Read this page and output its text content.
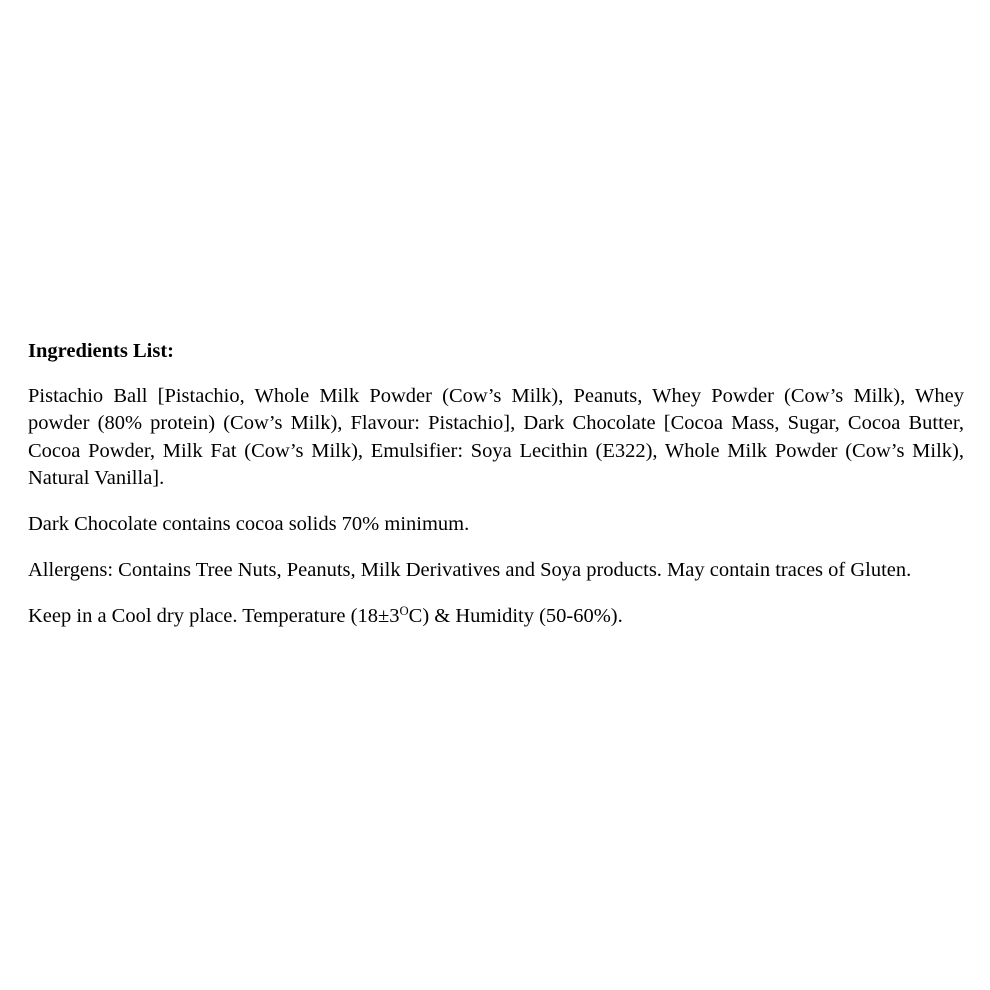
Ingredients List:
Pistachio Ball [Pistachio, Whole Milk Powder (Cow’s Milk), Peanuts, Whey Powder (Cow’s Milk), Whey powder (80% protein) (Cow’s Milk), Flavour: Pistachio], Dark Chocolate [Cocoa Mass, Sugar, Cocoa Butter, Cocoa Powder, Milk Fat (Cow’s Milk), Emulsifier: Soya Lecithin (E322), Whole Milk Powder (Cow’s Milk), Natural Vanilla].
Dark Chocolate contains cocoa solids 70% minimum.
Allergens: Contains Tree Nuts, Peanuts, Milk Derivatives and Soya products. May contain traces of Gluten.
Keep in a Cool dry place. Temperature $(18\pm 3^OC)$ & Humidity (50-60%).
